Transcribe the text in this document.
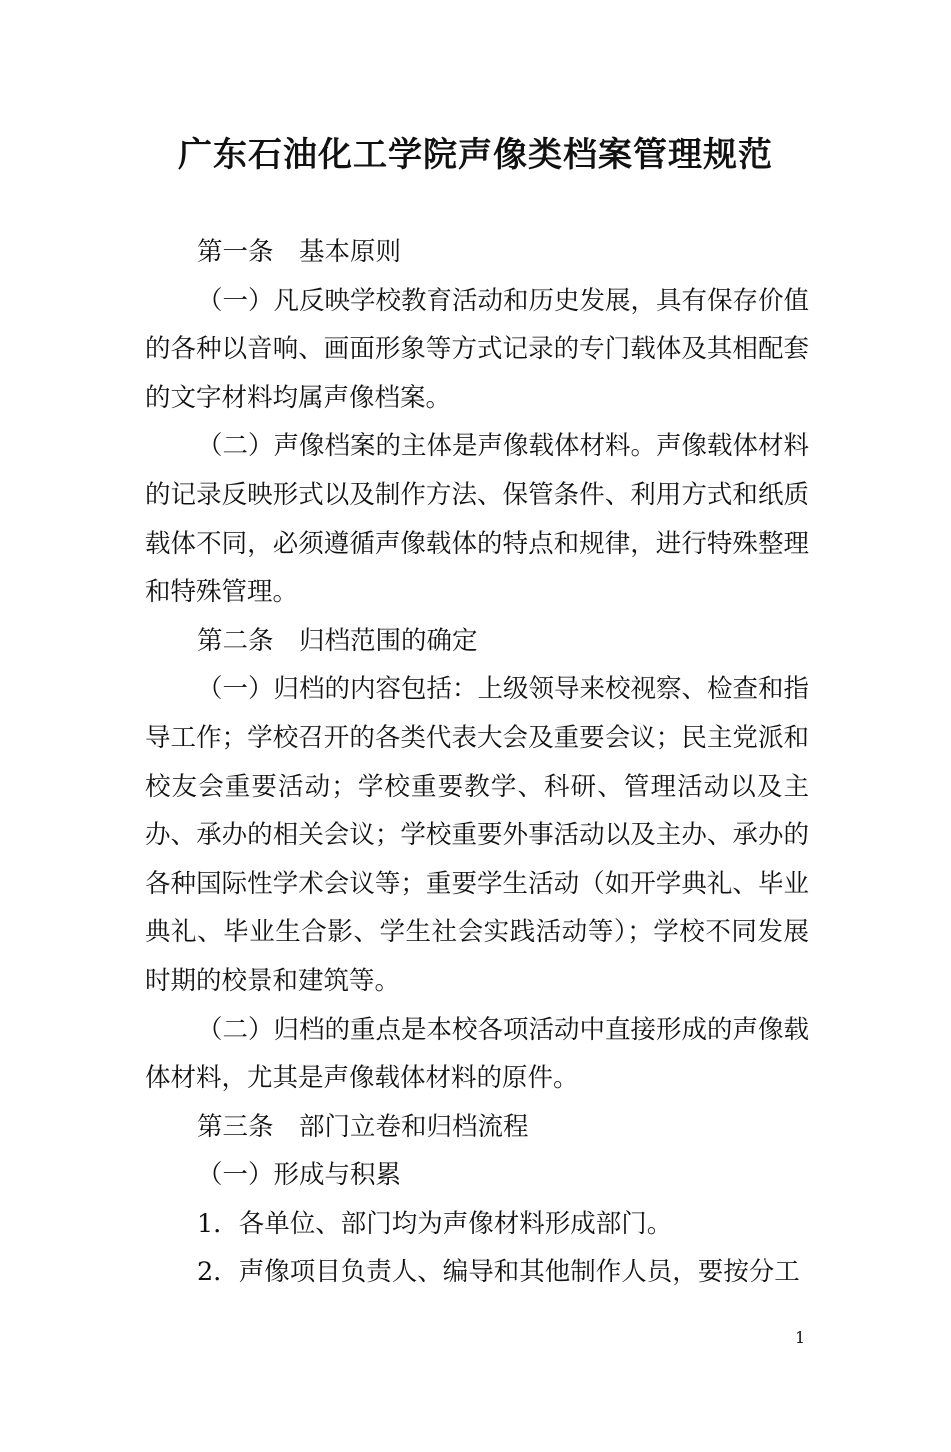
广东石油化工学院声像类档案管理规范

第一条　基本原则

（一）凡反映学校教育活动和历史发展，具有保存价值的各种以音响、画面形象等方式记录的专门载体及其相配套的文字材料均属声像档案。

（二）声像档案的主体是声像载体材料。声像载体材料的记录反映形式以及制作方法、保管条件、利用方式和纸质载体不同，必须遵循声像载体的特点和规律，进行特殊整理和特殊管理。

第二条　归档范围的确定

（一）归档的内容包括：上级领导来校视察、检查和指导工作；学校召开的各类代表大会及重要会议；民主党派和校友会重要活动；学校重要教学、科研、管理活动以及主办、承办的相关会议；学校重要外事活动以及主办、承办的各种国际性学术会议等；重要学生活动（如开学典礼、毕业典礼、毕业生合影、学生社会实践活动等）；学校不同发展时期的校景和建筑等。

（二）归档的重点是本校各项活动中直接形成的声像载体材料，尤其是声像载体材料的原件。

第三条　部门立卷和归档流程

（一）形成与积累

1．各单位、部门均为声像材料形成部门。

2．声像项目负责人、编导和其他制作人员，要按分工

1
